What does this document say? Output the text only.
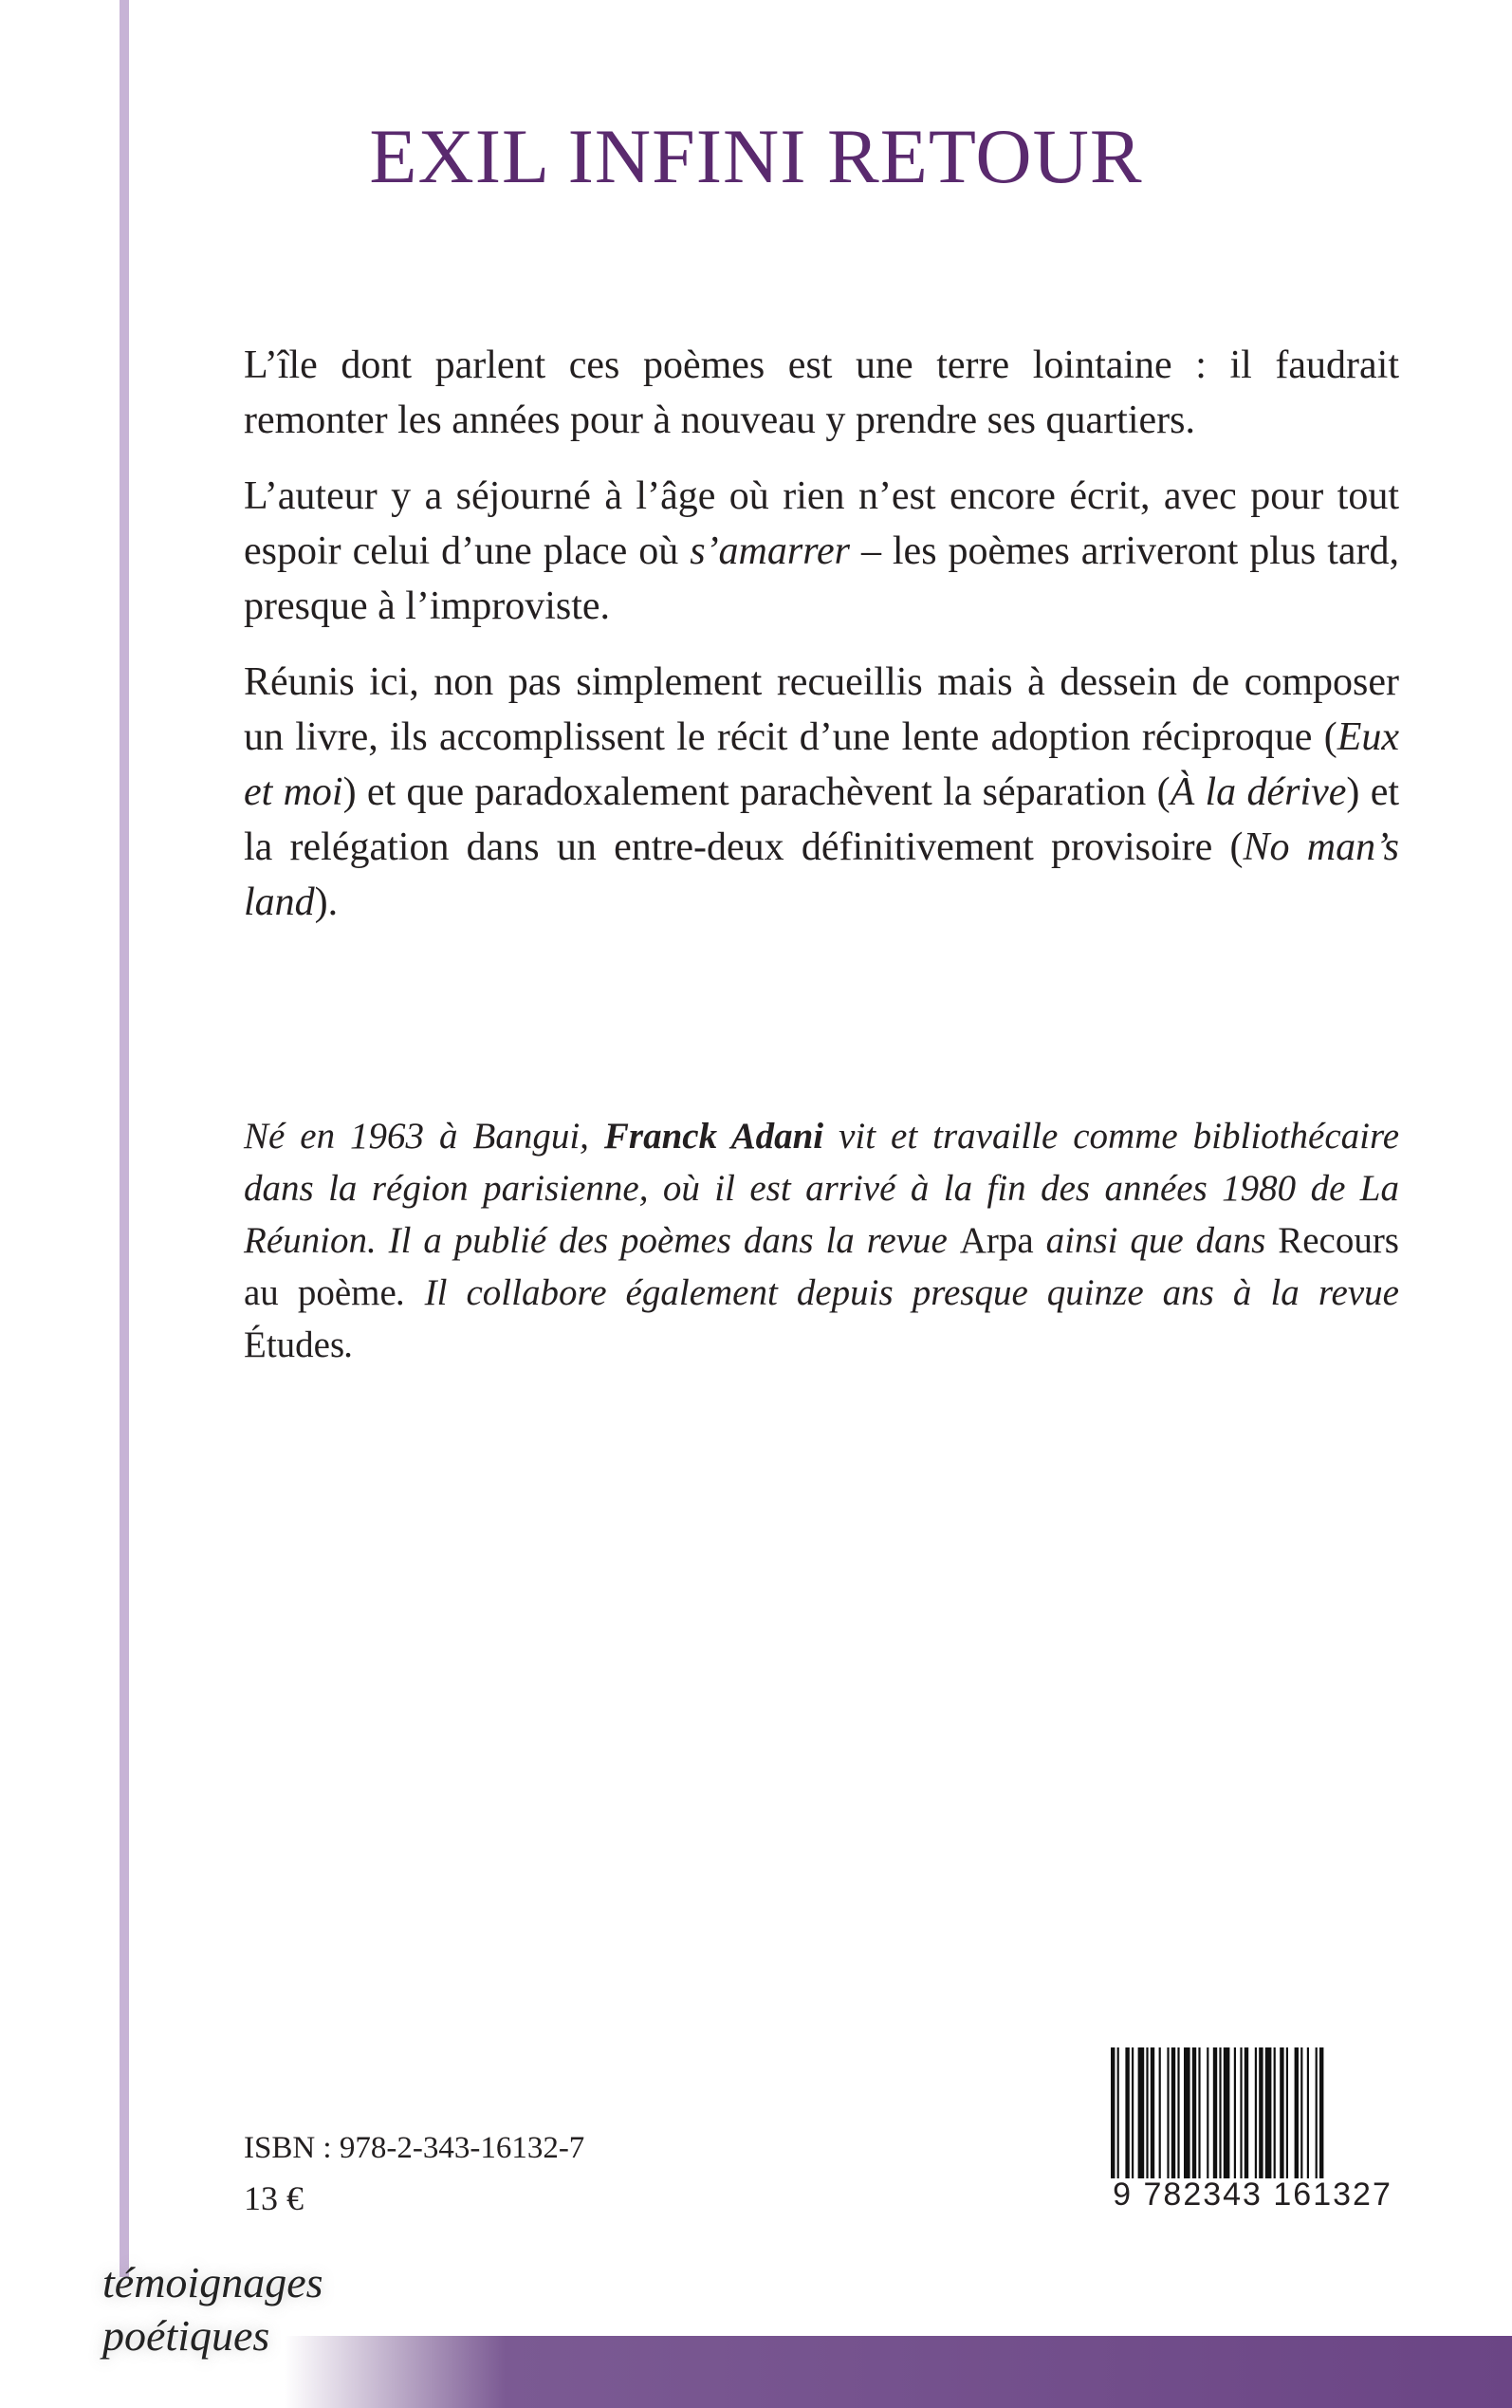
EXIL INFINI RETOUR

L’île dont parlent ces poèmes est une terre lointaine : il faudrait remonter les années pour à nouveau y prendre ses quartiers.

L’auteur y a séjourné à l’âge où rien n’est encore écrit, avec pour tout espoir celui d’une place où s’amarrer – les poèmes arriveront plus tard, presque à l’improviste.

Réunis ici, non pas simplement recueillis mais à dessein de composer un livre, ils accomplissent le récit d’une lente adoption réciproque (Eux et moi) et que paradoxalement parachèvent la séparation (À la dérive) et la relégation dans un entre-deux définitivement provisoire (No man’s land).

Né en 1963 à Bangui, Franck Adani vit et travaille comme bibliothécaire dans la région parisienne, où il est arrivé à la fin des années 1980 de La Réunion. Il a publié des poèmes dans la revue Arpa ainsi que dans Recours au poème. Il collabore également depuis presque quinze ans à la revue Études.
ISBN : 978-2-343-16132-7
13 €	9 782343 161327
témoignages
poétiques
